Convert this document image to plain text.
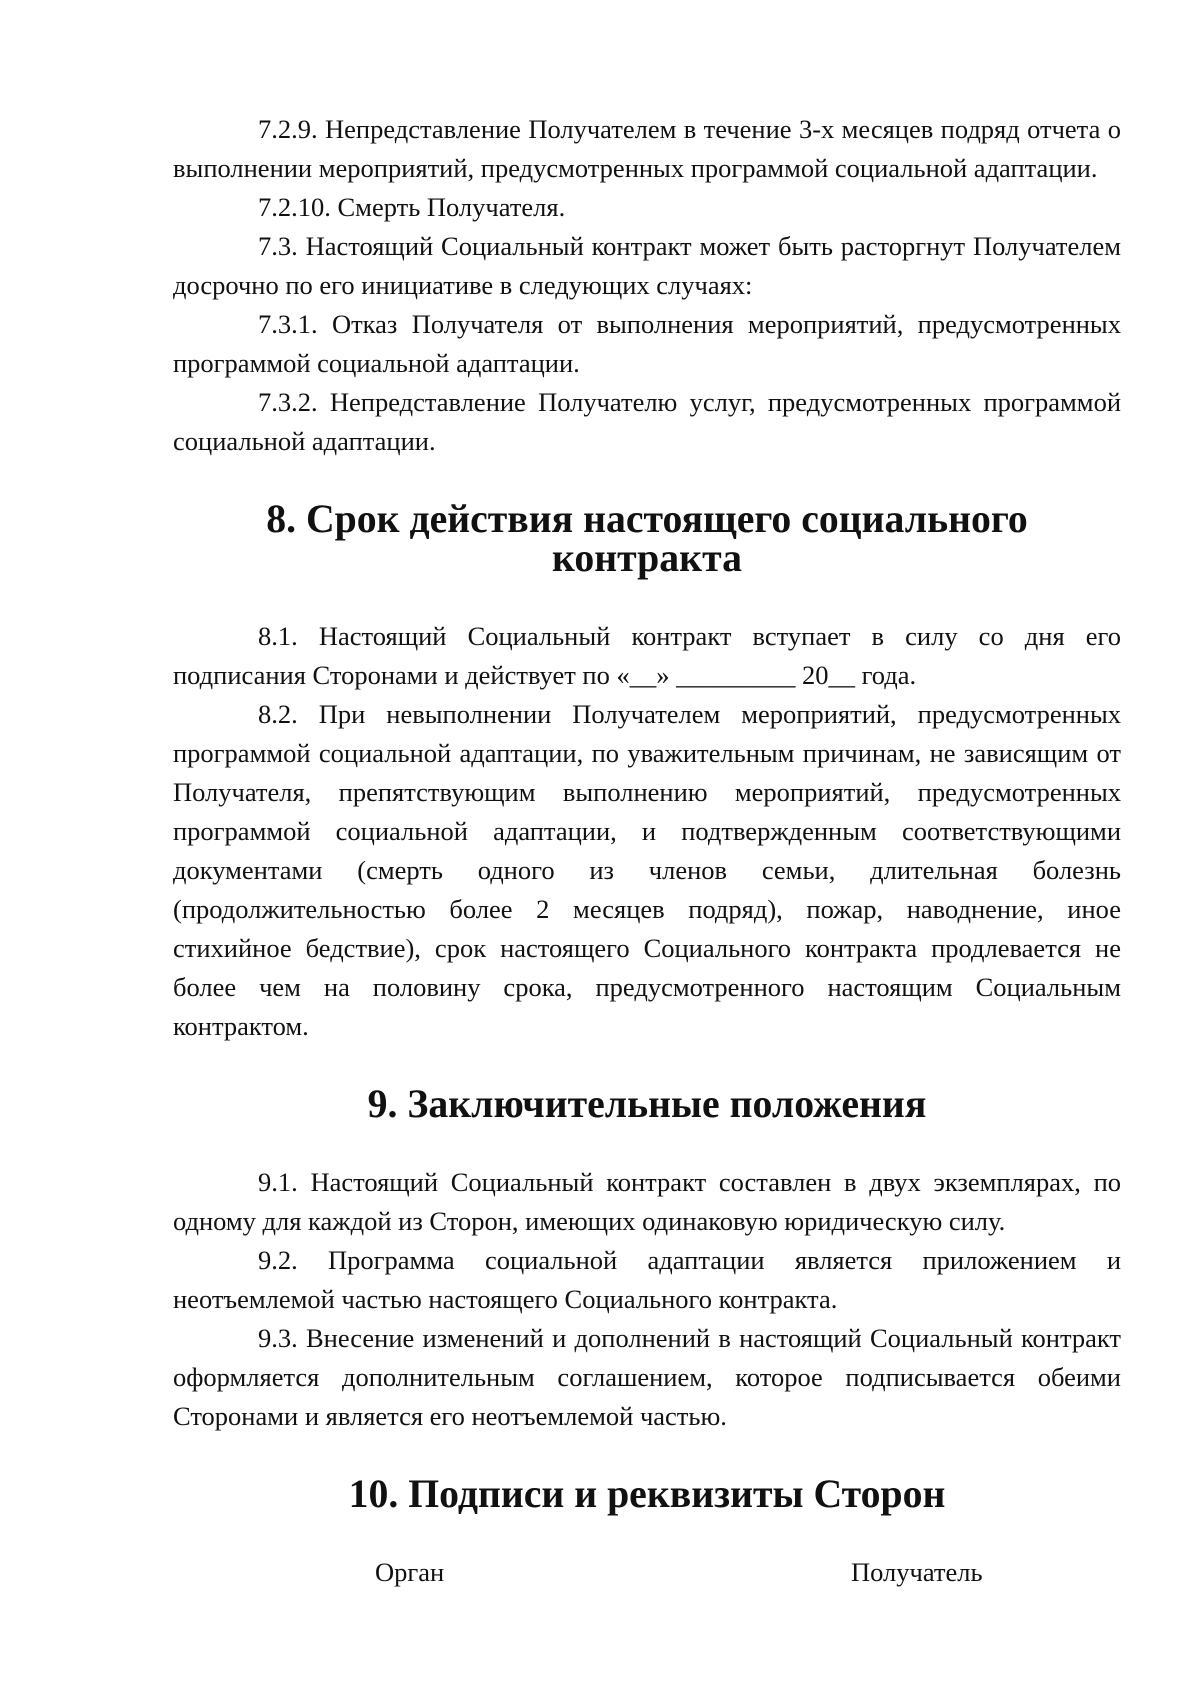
7.2.9. Непредставление Получателем в течение 3-х месяцев подряд отчета о выполнении мероприятий, предусмотренных программой социальной адаптации.

7.2.10. Смерть Получателя.

7.3. Настоящий Социальный контракт может быть расторгнут Получателем досрочно по его инициативе в следующих случаях:

7.3.1. Отказ Получателя от выполнения мероприятий, предусмотренных программой социальной адаптации.

7.3.2. Непредставление Получателю услуг, предусмотренных программой социальной адаптации.

8. Срок действия настоящего социального контракта

8.1. Настоящий Социальный контракт вступает в силу со дня его подписания Сторонами и действует по «__» _________ 20__ года.

8.2. При невыполнении Получателем мероприятий, предусмотренных программой социальной адаптации, по уважительным причинам, не зависящим от Получателя, препятствующим выполнению мероприятий, предусмотренных программой социальной адаптации, и подтвержденным соответствующими документами (смерть одного из членов семьи, длительная болезнь (продолжительностью более 2 месяцев подряд), пожар, наводнение, иное стихийное бедствие), срок настоящего Социального контракта продлевается не более чем на половину срока, предусмотренного настоящим Социальным контрактом.

9. Заключительные положения

9.1. Настоящий Социальный контракт составлен в двух экземплярах, по одному для каждой из Сторон, имеющих одинаковую юридическую силу.

9.2. Программа социальной адаптации является приложением и неотъемлемой частью настоящего Социального контракта.

9.3. Внесение изменений и дополнений в настоящий Социальный контракт оформляется дополнительным соглашением, которое подписывается обеими Сторонами и является его неотъемлемой частью.

10. Подписи и реквизиты Сторон
Орган	Получатель
